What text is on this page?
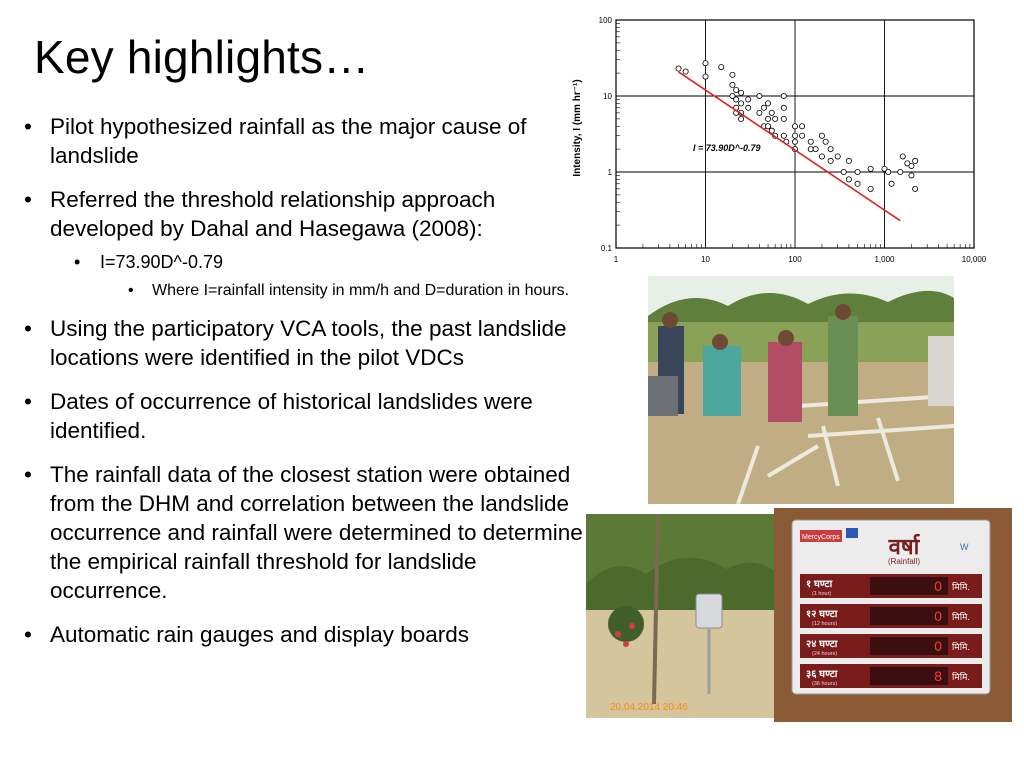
Key highlights…
• Pilot hypothesized rainfall as the major cause of landslide
• Referred the threshold relationship approach developed by Dahal and Hasegawa (2008):
• I=73.90D^-0.79
• Where I=rainfall intensity in mm/h and D=duration in hours.
• Using the participatory VCA tools, the past landslide locations were identified in the pilot VDCs
• Dates of occurrence of historical landslides were identified.
• The rainfall data of the closest station were obtained from the DHM and correlation between the landslide occurrence and rainfall were determined to determine the empirical rainfall threshold for landslide occurrence.
• Automatic rain gauges and display boards
Intensity, I (mm hr⁻¹)
1	10	100	1,000	10,000
0.1
1
10
100
I = 73.90D^-0.79
20.04.2014 20:46
MercyCorps वर्षा
(Rainfall)
W
१ घण्टा
(1 hour)	0 मिमि.
१२ घण्टा
(12 hours)	0 मिमि.
२४ घण्टा
(24 hours)	0 मिमि.
३६ घण्टा
(36 hours)	8 मिमि.
